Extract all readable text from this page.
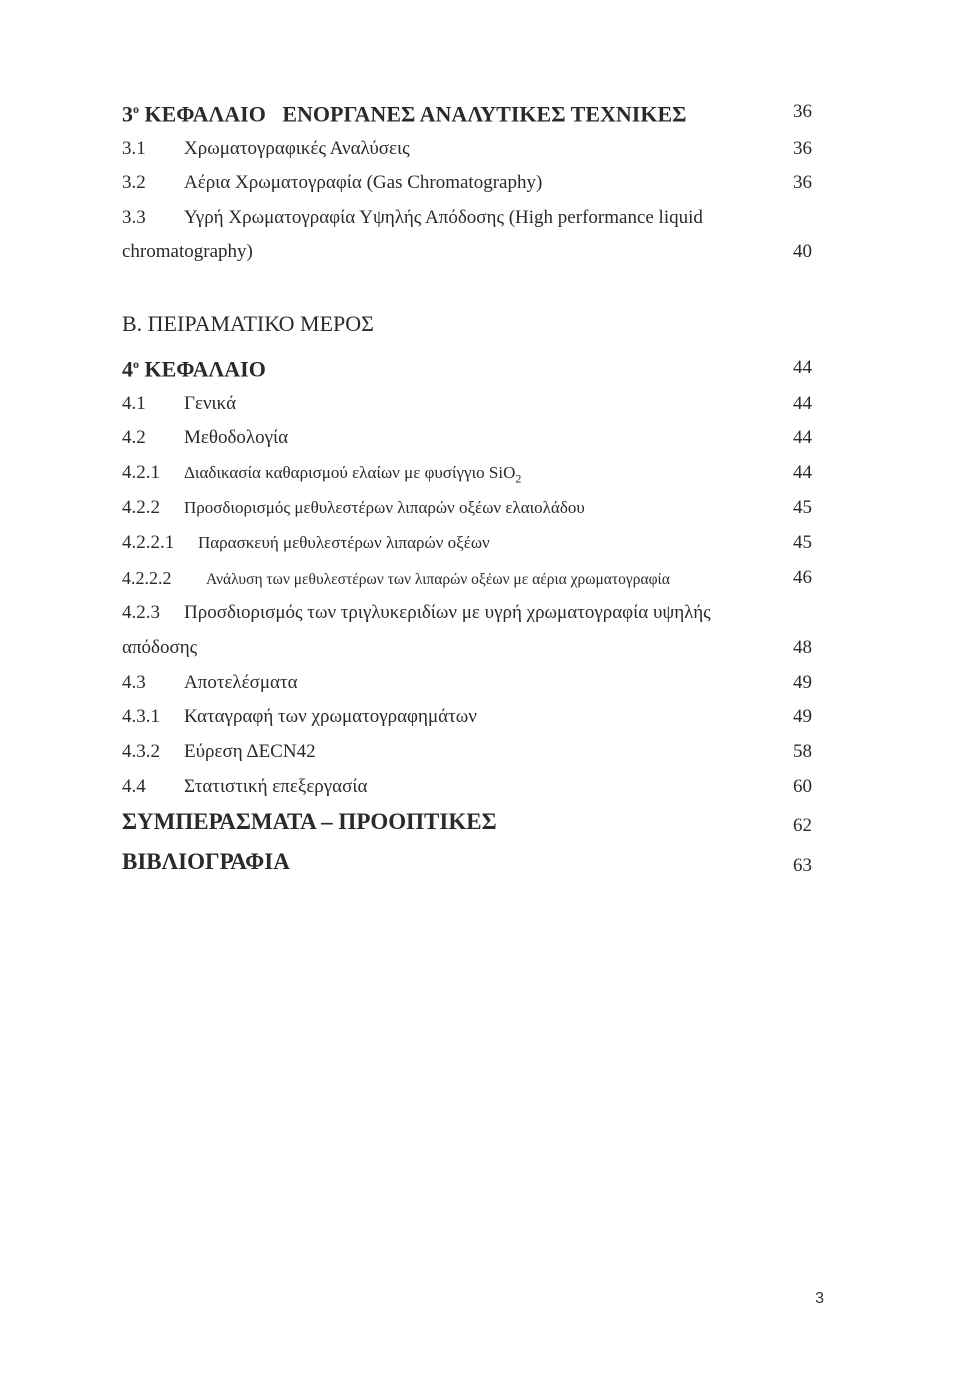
$3^o$ ΚΕΦΑΛΑΙΟ   ΕΝΟΡΓΑΝΕΣ ΑΝΑΛΥΤΙΚΕΣ ΤΕΧΝΙΚΕΣ	36
3.1 Χρωματογραφικές Αναλύσεις	36
3.2 Αέρια Χρωματογραφία (Gas Chromatography)	36
3.3 Υγρή Χρωματογραφία Υψηλής Απόδοσης (High performance liquid
chromatography)	40
Β. ΠΕΙΡΑΜΑΤΙΚΟ ΜΕΡΟΣ
$4^o$ ΚΕΦΑΛΑΙΟ	44
4.1 Γενικά	44
4.2 Μεθοδολογία	44
4.2.1 Διαδικασία καθαρισμού ελαίων με φυσίγγιο SiO$_2$	44
4.2.2 Προσδιορισμός μεθυλεστέρων λιπαρών οξέων ελαιολάδου	45
4.2.2.1 Παρασκευή μεθυλεστέρων λιπαρών οξέων	45
4.2.2.2 Ανάλυση των μεθυλεστέρων των λιπαρών οξέων με αέρια χρωματογραφία	46
4.2.3 Προσδιορισμός των τριγλυκεριδίων με υγρή χρωματογραφία υψηλής
απόδοσης	48
4.3 Αποτελέσματα	49
4.3.1 Καταγραφή των χρωματογραφημάτων	49
4.3.2 Εύρεση ΔECN42	58
4.4 Στατιστική επεξεργασία	60
ΣΥΜΠΕΡΑΣΜΑΤΑ – ΠΡΟΟΠΤΙΚΕΣ	62
ΒΙΒΛΙΟΓΡΑΦΙΑ	63
3
